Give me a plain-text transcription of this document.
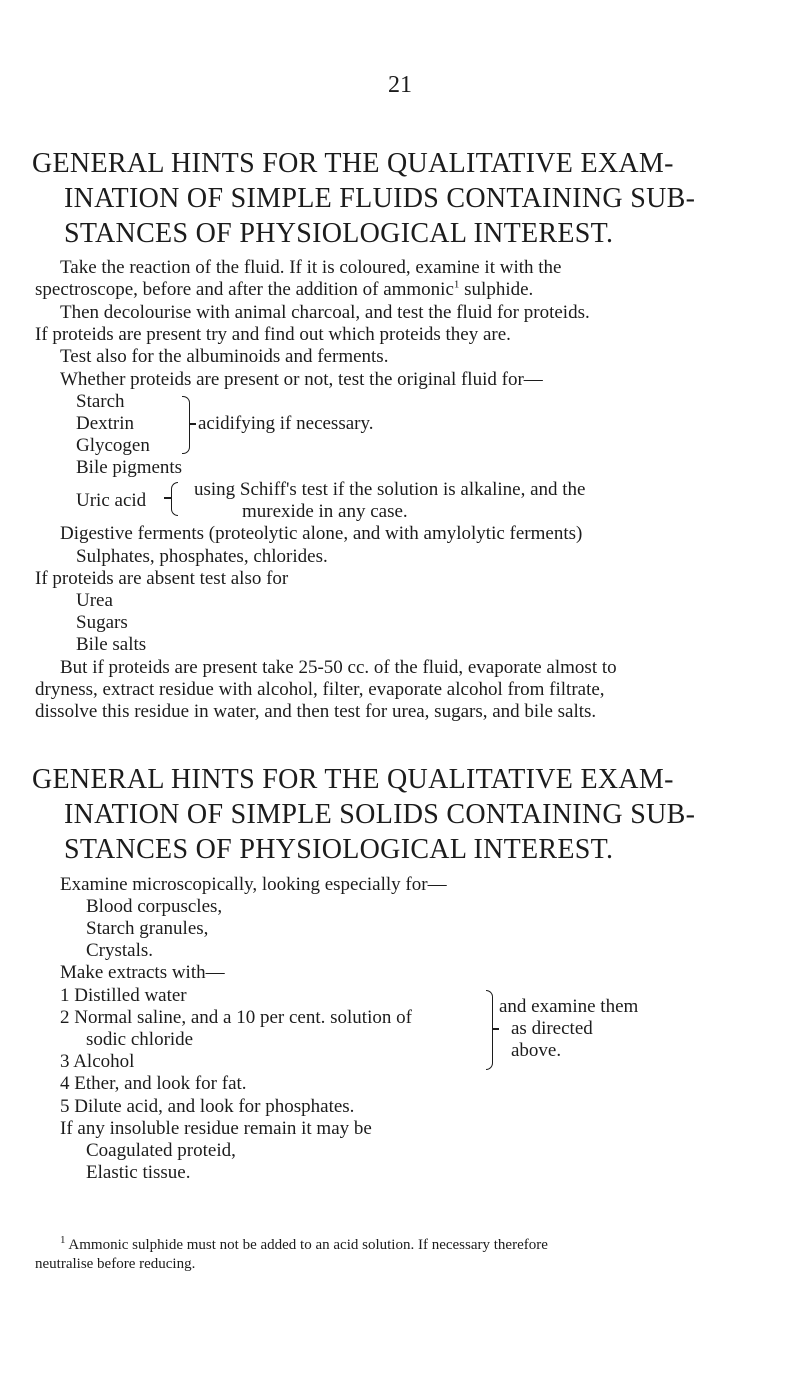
21
GENERAL HINTS FOR THE QUALITATIVE EXAM-
INATION OF SIMPLE FLUIDS CONTAINING SUB-
STANCES OF PHYSIOLOGICAL INTEREST.
Take the reaction of the fluid. If it is coloured, examine it with the
spectroscope, before and after the addition of ammonic$^1$ sulphide.
Then decolourise with animal charcoal, and test the fluid for proteids.
If proteids are present try and find out which proteids they are.
Test also for the albuminoids and ferments.
Whether proteids are present or not, test the original fluid for—
Starch
Dextrin
Glycogen
acidifying if necessary.
Bile pigments
Uric acid
using Schiff's test if the solution is alkaline, and the
murexide in any case.
Digestive ferments (proteolytic alone, and with amylolytic ferments)
Sulphates, phosphates, chlorides.
If proteids are absent test also for
Urea
Sugars
Bile salts
But if proteids are present take 25-50 cc. of the fluid, evaporate almost to
dryness, extract residue with alcohol, filter, evaporate alcohol from filtrate,
dissolve this residue in water, and then test for urea, sugars, and bile salts.
Examine microscopically, looking especially for—
Blood corpuscles,
Starch granules,
Crystals.
Make extracts with—
1 Distilled water
2 Normal saline, and a 10 per cent. solution of
sodic chloride
3 Alcohol
and examine them
as directed
above.
4 Ether, and look for fat.
5 Dilute acid, and look for phosphates.
If any insoluble residue remain it may be
Coagulated proteid,
Elastic tissue.
$^1$ Ammonic sulphide must not be added to an acid solution. If necessary therefore
neutralise before reducing.
GENERAL HINTS FOR THE QUALITATIVE EXAM-
INATION OF SIMPLE SOLIDS CONTAINING SUB-
STANCES OF PHYSIOLOGICAL INTEREST.
